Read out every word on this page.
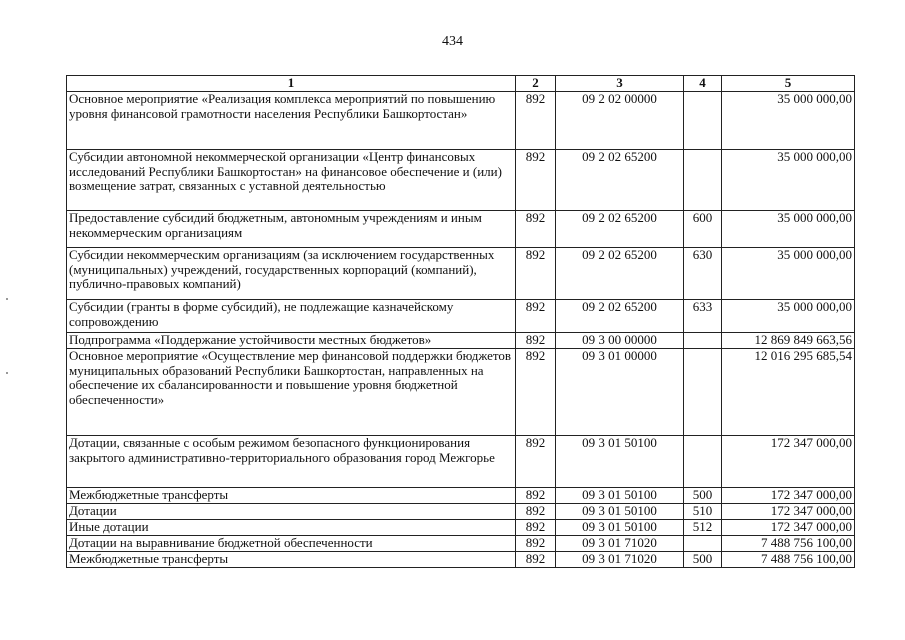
434
1	2	3	4	5
Основное мероприятие «Реализация комплекса мероприятий по повышению уровня финансовой грамотности населения Республики Башкортостан»	892	09 2 02 00000		35 000 000,00
Субсидии автономной некоммерческой организации «Центр финансовых исследований Республики Башкортостан» на финансовое обеспечение и (или) возмещение затрат, связанных с уставной деятельностью	892	09 2 02 65200		35 000 000,00
Предоставление субсидий бюджетным, автономным учреждениям и иным некоммерческим организациям	892	09 2 02 65200	600	35 000 000,00
Субсидии некоммерческим организациям (за исключением государственных (муниципальных) учреждений, государственных корпораций (компаний), публично-правовых компаний)	892	09 2 02 65200	630	35 000 000,00
Субсидии (гранты в форме субсидий), не подлежащие казначейскому сопровождению	892	09 2 02 65200	633	35 000 000,00
Подпрограмма «Поддержание устойчивости местных бюджетов»	892	09 3 00 00000		12 869 849 663,56
Основное мероприятие «Осуществление мер финансовой поддержки бюджетов муниципальных образований Республики Башкортостан, направленных на обеспечение их сбалансированности и повышение уровня бюджетной обеспеченности»	892	09 3 01 00000		12 016 295 685,54
Дотации, связанные с особым режимом безопасного функционирования закрытого административно-территориального образования город Межгорье	892	09 3 01 50100		172 347 000,00
Межбюджетные трансферты	892	09 3 01 50100	500	172 347 000,00
Дотации	892	09 3 01 50100	510	172 347 000,00
Иные дотации	892	09 3 01 50100	512	172 347 000,00
Дотации на выравнивание бюджетной обеспеченности	892	09 3 01 71020		7 488 756 100,00
Межбюджетные трансферты	892	09 3 01 71020	500	7 488 756 100,00
